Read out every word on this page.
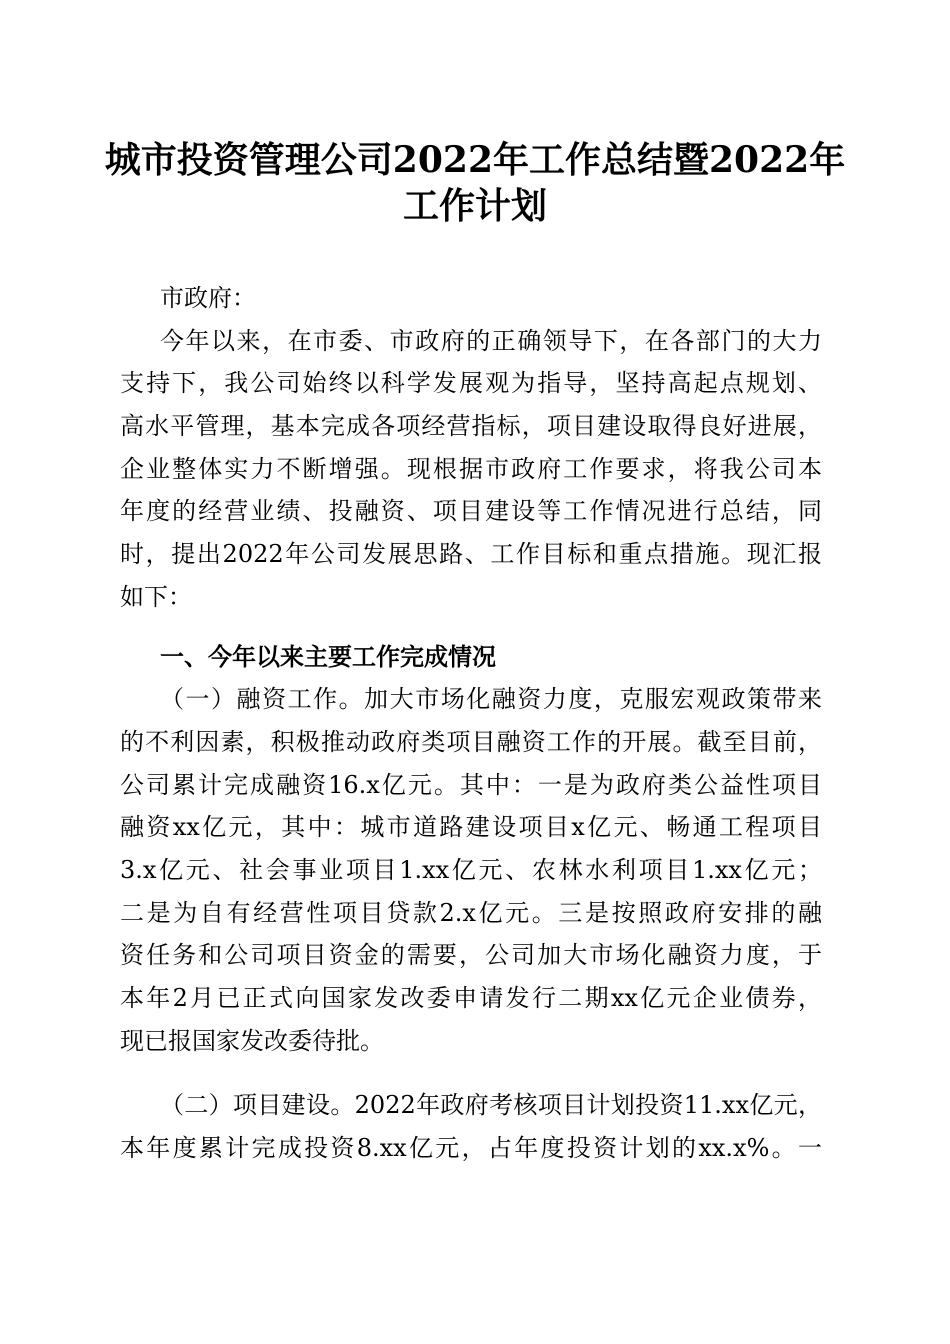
城市投资管理公司2022年工作总结暨2022年
工作计划
市政府：
今年以来，在市委、市政府的正确领导下，在各部门的大力
支持下，我公司始终以科学发展观为指导，坚持高起点规划、
高水平管理，基本完成各项经营指标，项目建设取得良好进展，
企业整体实力不断增强。现根据市政府工作要求，将我公司本
年度的经营业绩、投融资、项目建设等工作情况进行总结，同
时，提出2022年公司发展思路、工作目标和重点措施。现汇报
如下：
一、今年以来主要工作完成情况
（一）融资工作。加大市场化融资力度，克服宏观政策带来
的不利因素，积极推动政府类项目融资工作的开展。截至目前，
公司累计完成融资16.x亿元。其中：一是为政府类公益性项目
融资xx亿元，其中：城市道路建设项目x亿元、畅通工程项目
3.x亿元、社会事业项目1.xx亿元、农林水利项目1.xx亿元；
二是为自有经营性项目贷款2.x亿元。三是按照政府安排的融
资任务和公司项目资金的需要，公司加大市场化融资力度，于
本年2月已正式向国家发改委申请发行二期xx亿元企业债券，
现已报国家发改委待批。
（二）项目建设。2022年政府考核项目计划投资11.xx亿元，
本年度累计完成投资8.xx亿元，占年度投资计划的xx.x%。一
